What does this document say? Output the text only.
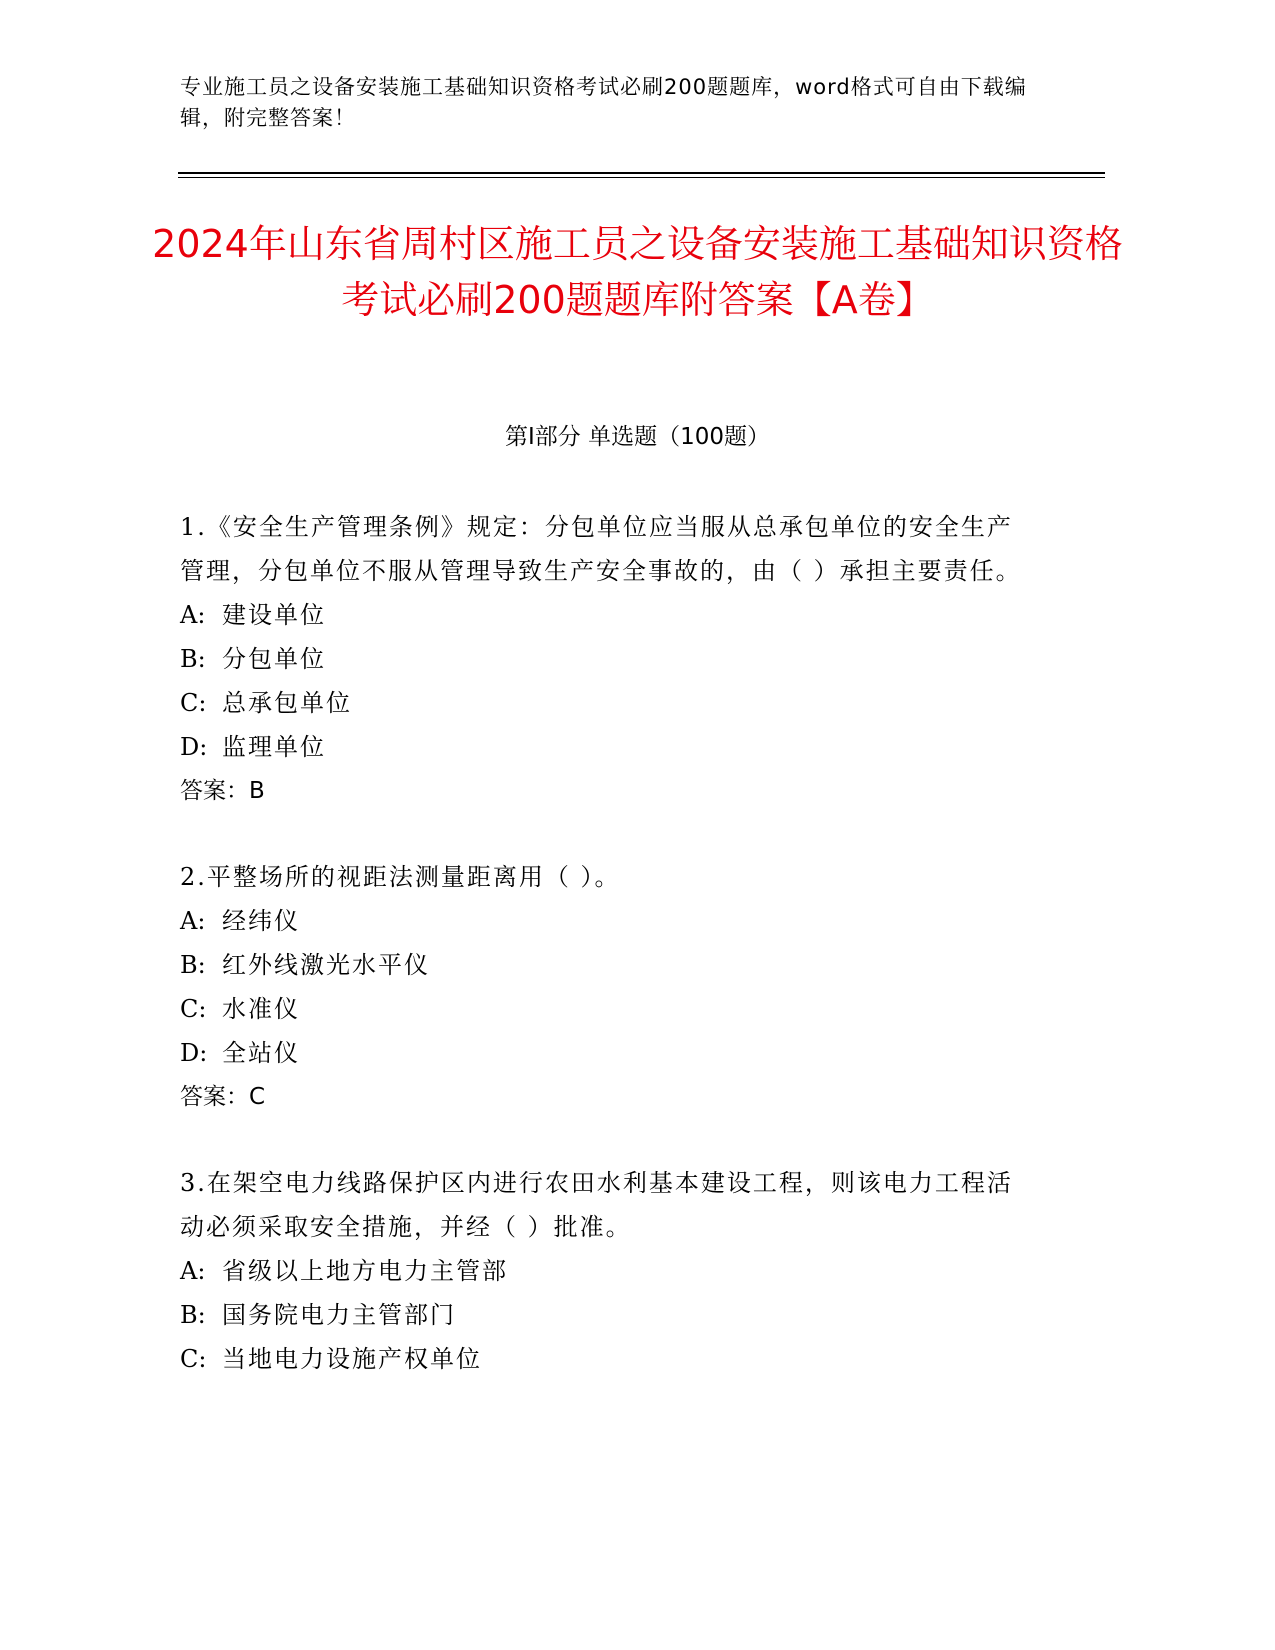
专业施工员之设备安装施工基础知识资格考试必刷200题题库，word格式可自由下载编辑，附完整答案！
2024年山东省周村区施工员之设备安装施工基础知识资格考试必刷200题题库附答案【A卷】
第Ⅰ部分 单选题（100题）

1.《安全生产管理条例》规定：分包单位应当服从总承包单位的安全生产管理，分包单位不服从管理导致生产安全事故的，由（ ）承担主要责任。

A: 建设单位

B: 分包单位

C: 总承包单位

D: 监理单位

答案：B

2.平整场所的视距法测量距离用（ ）。

A: 经纬仪

B: 红外线激光水平仪

C: 水准仪

D: 全站仪

答案：C

3.在架空电力线路保护区内进行农田水利基本建设工程，则该电力工程活动必须采取安全措施，并经（ ）批准。

A: 省级以上地方电力主管部

B: 国务院电力主管部门

C: 当地电力设施产权单位
